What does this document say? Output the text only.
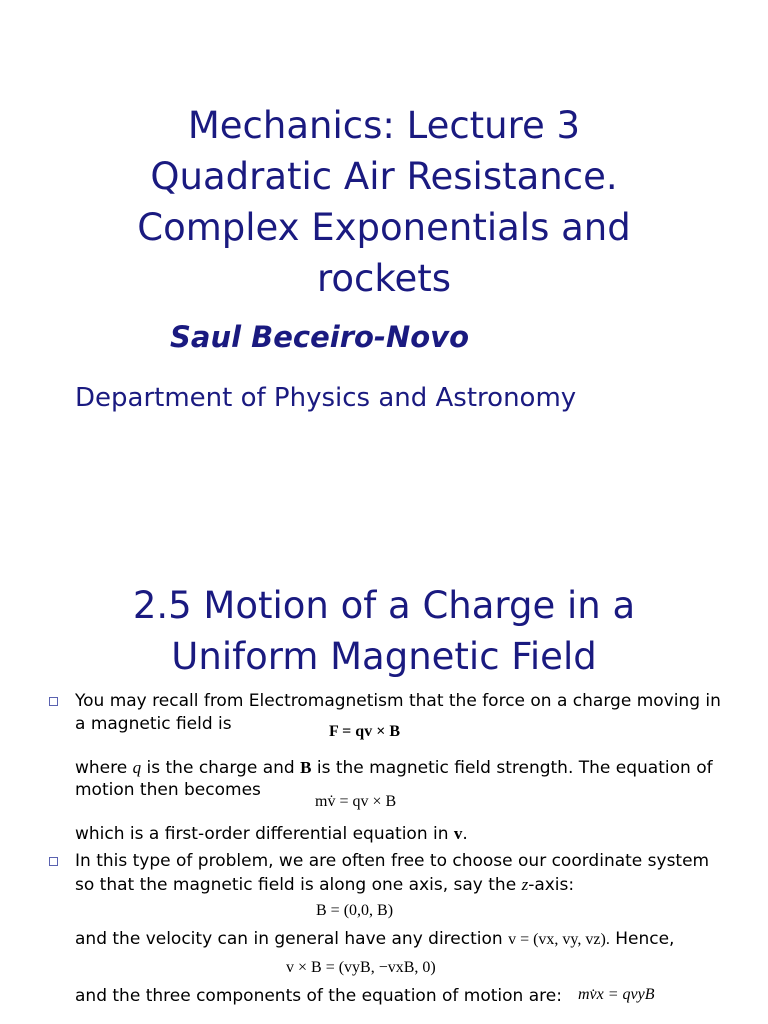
Mechanics: Lecture 3
Quadratic Air Resistance.
Complex Exponentials and
rockets
Saul Beceiro-Novo
Department of Physics and Astronomy
2.5 Motion of a Charge in a
Uniform Magnetic Field
You may recall from Electromagnetism that the force on a charge moving in
a magnetic field is	F = qv × B
where q is the charge and B is the magnetic field strength. The equation of
motion then becomes
mv̇ = qv × B
which is a first-order differential equation in v.
In this type of problem, we are often free to choose our coordinate system
so that the magnetic field is along one axis, say the z-axis:
B = (0,0, B)
and the velocity can in general have any direction v = (vx, vy, vz). Hence,
v × B = (vyB, −vxB, 0)
and the three components of the equation of motion are: mv̇x = qvyB
